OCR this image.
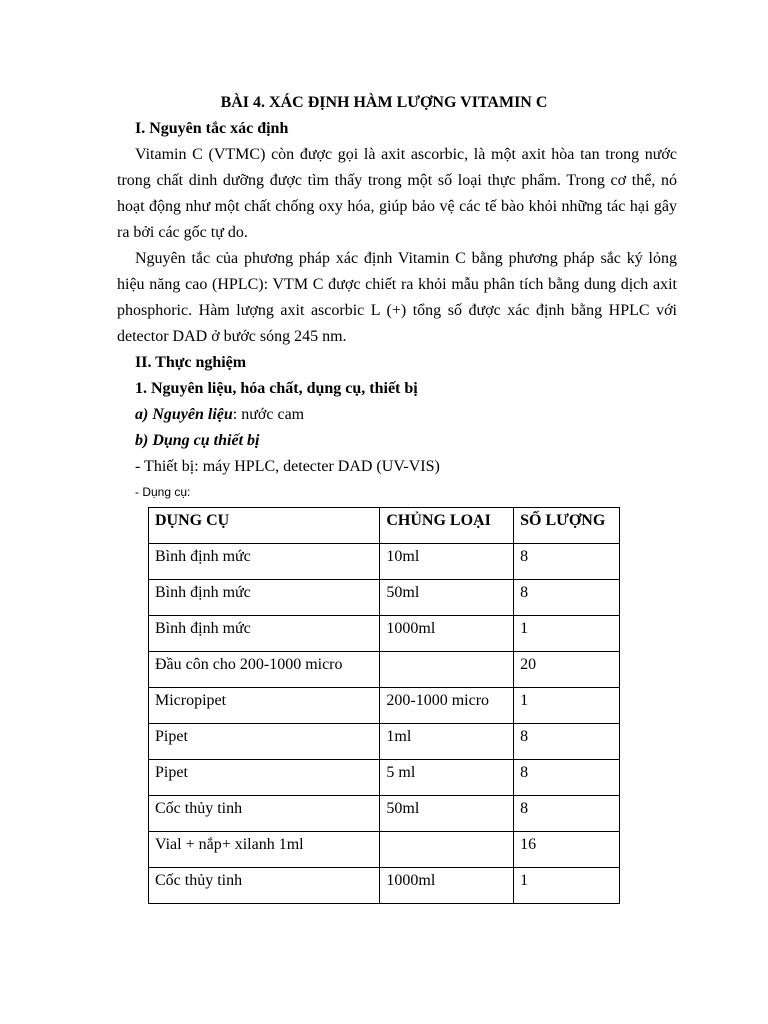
BÀI 4. XÁC ĐỊNH HÀM LƯỢNG VITAMIN C
I. Nguyên tắc xác định
Vitamin C (VTMC) còn được gọi là axit ascorbic, là một axit hòa tan trong nước trong chất dinh dưỡng được tìm thấy trong một số loại thực phẩm. Trong cơ thể, nó hoạt động như một chất chống oxy hóa, giúp bảo vệ các tế bào khỏi những tác hại gây ra bởi các gốc tự do.
Nguyên tắc của phương pháp xác định Vitamin C bằng phương pháp sắc ký lỏng hiệu năng cao (HPLC): VTM C được chiết ra khỏi mẫu phân tích bằng dung dịch axit phosphoric. Hàm lượng axit ascorbic L (+) tổng số được xác định bằng HPLC với detector DAD ở bước sóng 245 nm.
II. Thực nghiệm
1. Nguyên liệu, hóa chất, dụng cụ, thiết bị
a) Nguyên liệu: nước cam
b) Dụng cụ thiết bị
- Thiết bị: máy HPLC, detecter DAD (UV-VIS)
- Dụng cụ:
DỤNG CỤ	CHỦNG LOẠI	SỐ LƯỢNG
Bình định mức	10ml	8
Bình định mức	50ml	8
Bình định mức	1000ml	1
Đầu côn cho 200-1000 micro		20
Micropipet	200-1000 micro	1
Pipet	1ml	8
Pipet	5 ml	8
Cốc thủy tinh	50ml	8
Vial + nắp+ xilanh 1ml		16
Cốc thủy tinh	1000ml	1
